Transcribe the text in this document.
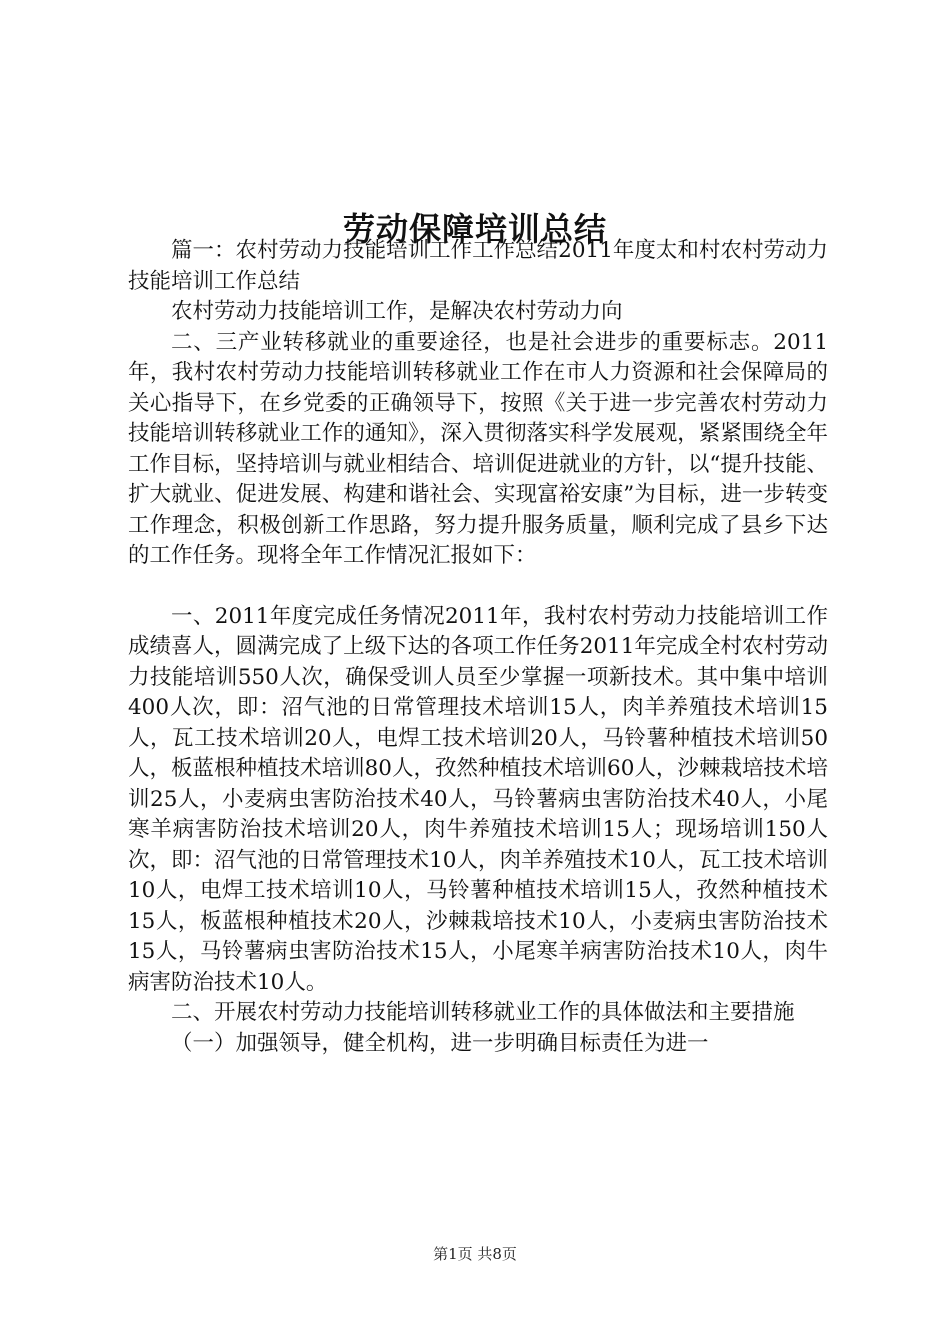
劳动保障培训总结

篇一：农村劳动力技能培训工作工作总结2011年度太和村农村劳动力技能培训工作总结

农村劳动力技能培训工作，是解决农村劳动力向

二、三产业转移就业的重要途径，也是社会进步的重要标志。2011年，我村农村劳动力技能培训转移就业工作在市人力资源和社会保障局的关心指导下，在乡党委的正确领导下，按照《关于进一步完善农村劳动力技能培训转移就业工作的通知》，深入贯彻落实科学发展观，紧紧围绕全年工作目标，坚持培训与就业相结合、培训促进就业的方针，以“提升技能、扩大就业、促进发展、构建和谐社会、实现富裕安康”为目标，进一步转变工作理念，积极创新工作思路，努力提升服务质量，顺利完成了县乡下达的工作任务。现将全年工作情况汇报如下：

一、2011年度完成任务情况2011年，我村农村劳动力技能培训工作成绩喜人，圆满完成了上级下达的各项工作任务2011年完成全村农村劳动力技能培训550人次，确保受训人员至少掌握一项新技术。其中集中培训400人次，即：沼气池的日常管理技术培训15人，肉羊养殖技术培训15人，瓦工技术培训20人，电焊工技术培训20人，马铃薯种植技术培训50人，板蓝根种植技术培训80人，孜然种植技术培训60人，沙棘栽培技术培训25人，小麦病虫害防治技术40人，马铃薯病虫害防治技术40人，小尾寒羊病害防治技术培训20人，肉牛养殖技术培训15人；现场培训150人次，即：沼气池的日常管理技术10人，肉羊养殖技术10人，瓦工技术培训10人，电焊工技术培训10人，马铃薯种植技术培训15人，孜然种植技术15人，板蓝根种植技术20人，沙棘栽培技术10人，小麦病虫害防治技术15人，马铃薯病虫害防治技术15人，小尾寒羊病害防治技术10人，肉牛病害防治技术10人。

二、开展农村劳动力技能培训转移就业工作的具体做法和主要措施

（一）加强领导，健全机构，进一步明确目标责任为进一

第1页 共8页
